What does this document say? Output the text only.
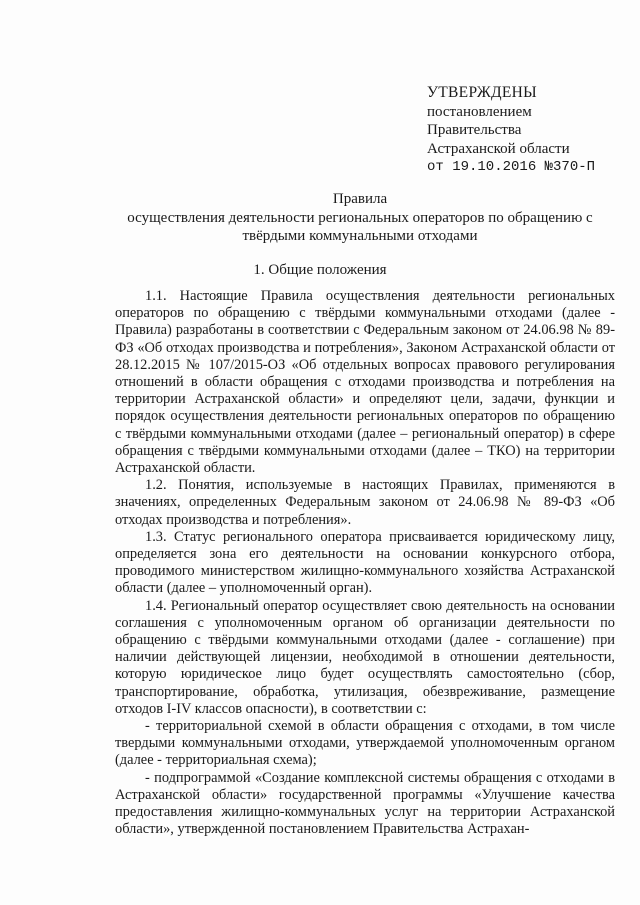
УТВЕРЖДЕНЫ
постановлением
Правительства
Астраханской области
от 19.10.2016 №370-П
Правила
осуществления деятельности региональных операторов по обращению с
твёрдыми коммунальными отходами
1. Общие положения

1.1. Настоящие Правила осуществления деятельности региональных операторов по обращению с твёрдыми коммунальными отходами (далее - Правила) разработаны в соответствии с Федеральным законом от 24.06.98 № 89-ФЗ «Об отходах производства и потребления», Законом Астраханской области от 28.12.2015 № 107/2015-ОЗ «Об отдельных вопросах правового регулирования отношений в области обращения с отходами производства и потребления на территории Астраханской области» и определяют цели, задачи, функции и порядок осуществления деятельности региональных операторов по обращению с твёрдыми коммунальными отходами (далее – региональный оператор) в сфере обращения с твёрдыми коммунальными отходами (далее – ТКО) на территории Астраханской области.

1.2. Понятия, используемые в настоящих Правилах, применяются в значениях, определенных Федеральным законом от 24.06.98 № 89-ФЗ «Об отходах производства и потребления».

1.3. Статус регионального оператора присваивается юридическому лицу, определяется зона его деятельности на основании конкурсного отбора, проводимого министерством жилищно-коммунального хозяйства Астраханской области (далее – уполномоченный орган).

1.4. Региональный оператор осуществляет свою деятельность на основании соглашения с уполномоченным органом об организации деятельности по обращению с твёрдыми коммунальными отходами (далее - соглашение) при наличии действующей лицензии, необходимой в отношении деятельности, которую юридическое лицо будет осуществлять самостоятельно (сбор, транспортирование, обработка, утилизация, обезвреживание, размещение отходов I-IV классов опасности), в соответствии с:

- территориальной схемой в области обращения с отходами, в том числе твердыми коммунальными отходами, утверждаемой уполномоченным органом (далее - территориальная схема);

- подпрограммой «Создание комплексной системы обращения с отходами в Астраханской области» государственной программы «Улучшение качества предоставления жилищно-коммунальных услуг на территории Астраханской области», утвержденной постановлением Правительства Астрахан-
